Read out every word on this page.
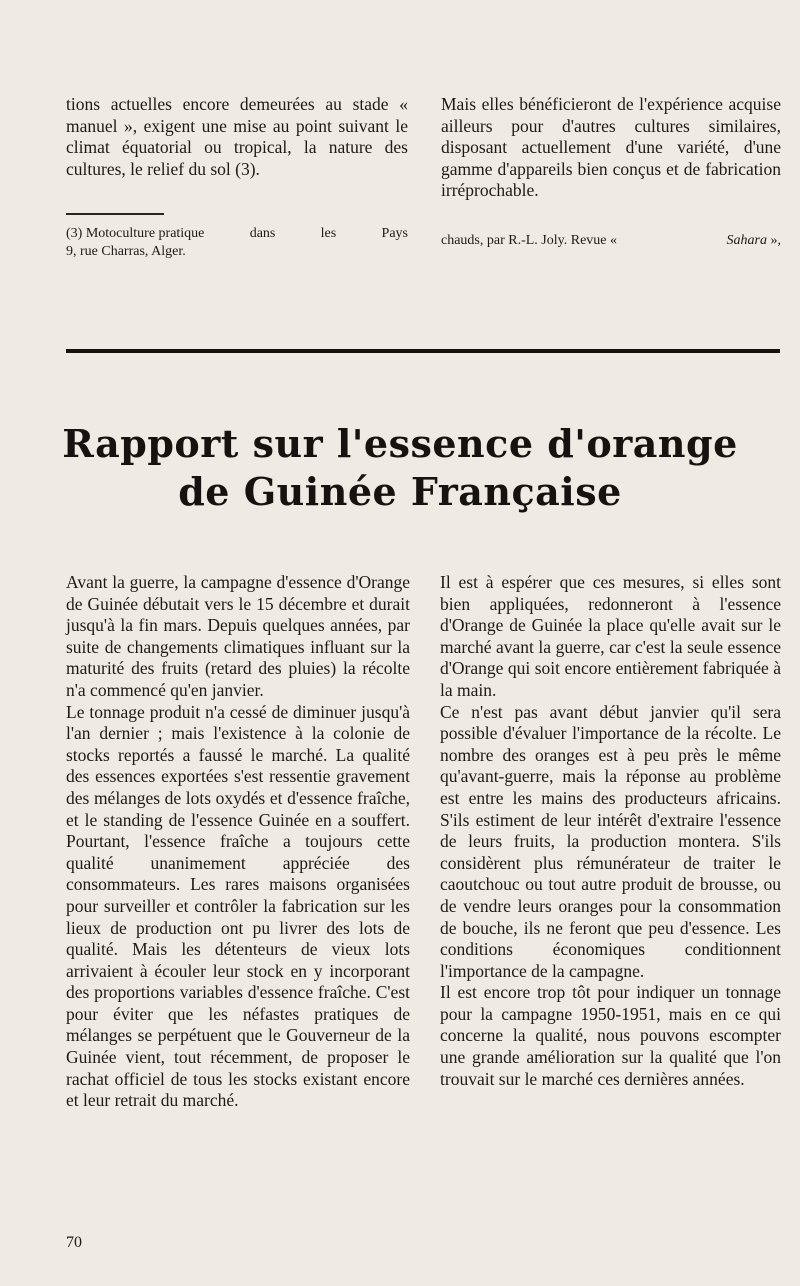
tions actuelles encore demeurées au stade « manuel », exigent une mise au point suivant le climat équatorial ou tropical, la nature des cultures, le relief du sol (3).

Mais elles bénéficieront de l'expérience acquise ailleurs pour d'autres cultures similaires, disposant actuellement d'une variété, d'une gamme d'appareils bien conçus et de fabrication irréprochable.

(3) Motoculture pratique	dans	les	Pays
9, rue Charras, Alger.
chauds, par R.-L. Joly. Revue «	Sahara »,
Rapport sur l'essence d'orange
de Guinée Française

Avant la guerre, la campagne d'essence d'Orange de Guinée débutait vers le 15 décembre et durait jusqu'à la fin mars. Depuis quelques années, par suite de changements climatiques influant sur la maturité des fruits (retard des pluies) la récolte n'a commencé qu'en janvier.

Le tonnage produit n'a cessé de diminuer jusqu'à l'an dernier ; mais l'existence à la colonie de stocks reportés a faussé le marché. La qualité des essences exportées s'est ressentie gravement des mélanges de lots oxydés et d'essence fraîche, et le standing de l'essence Guinée en a souffert. Pourtant, l'essence fraîche a toujours cette qualité unanimement appréciée des consommateurs. Les rares maisons organisées pour surveiller et contrôler la fabrication sur les lieux de production ont pu livrer des lots de qualité. Mais les détenteurs de vieux lots arrivaient à écouler leur stock en y incorporant des proportions variables d'essence fraîche. C'est pour éviter que les néfastes pratiques de mélanges se perpétuent que le Gouverneur de la Guinée vient, tout récemment, de proposer le rachat officiel de tous les stocks existant encore et leur retrait du marché.

Il est à espérer que ces mesures, si elles sont bien appliquées, redonneront à l'essence d'Orange de Guinée la place qu'elle avait sur le marché avant la guerre, car c'est la seule essence d'Orange qui soit encore entièrement fabriquée à la main.

Ce n'est pas avant début janvier qu'il sera possible d'évaluer l'importance de la récolte. Le nombre des oranges est à peu près le même qu'avant-guerre, mais la réponse au problème est entre les mains des producteurs africains. S'ils estiment de leur intérêt d'extraire l'essence de leurs fruits, la production montera. S'ils considèrent plus rémunérateur de traiter le caoutchouc ou tout autre produit de brousse, ou de vendre leurs oranges pour la consommation de bouche, ils ne feront que peu d'essence. Les conditions économiques conditionnent l'importance de la campagne.

Il est encore trop tôt pour indiquer un tonnage pour la campagne 1950-1951, mais en ce qui concerne la qualité, nous pouvons escompter une grande amélioration sur la qualité que l'on trouvait sur le marché ces dernières années.

70
